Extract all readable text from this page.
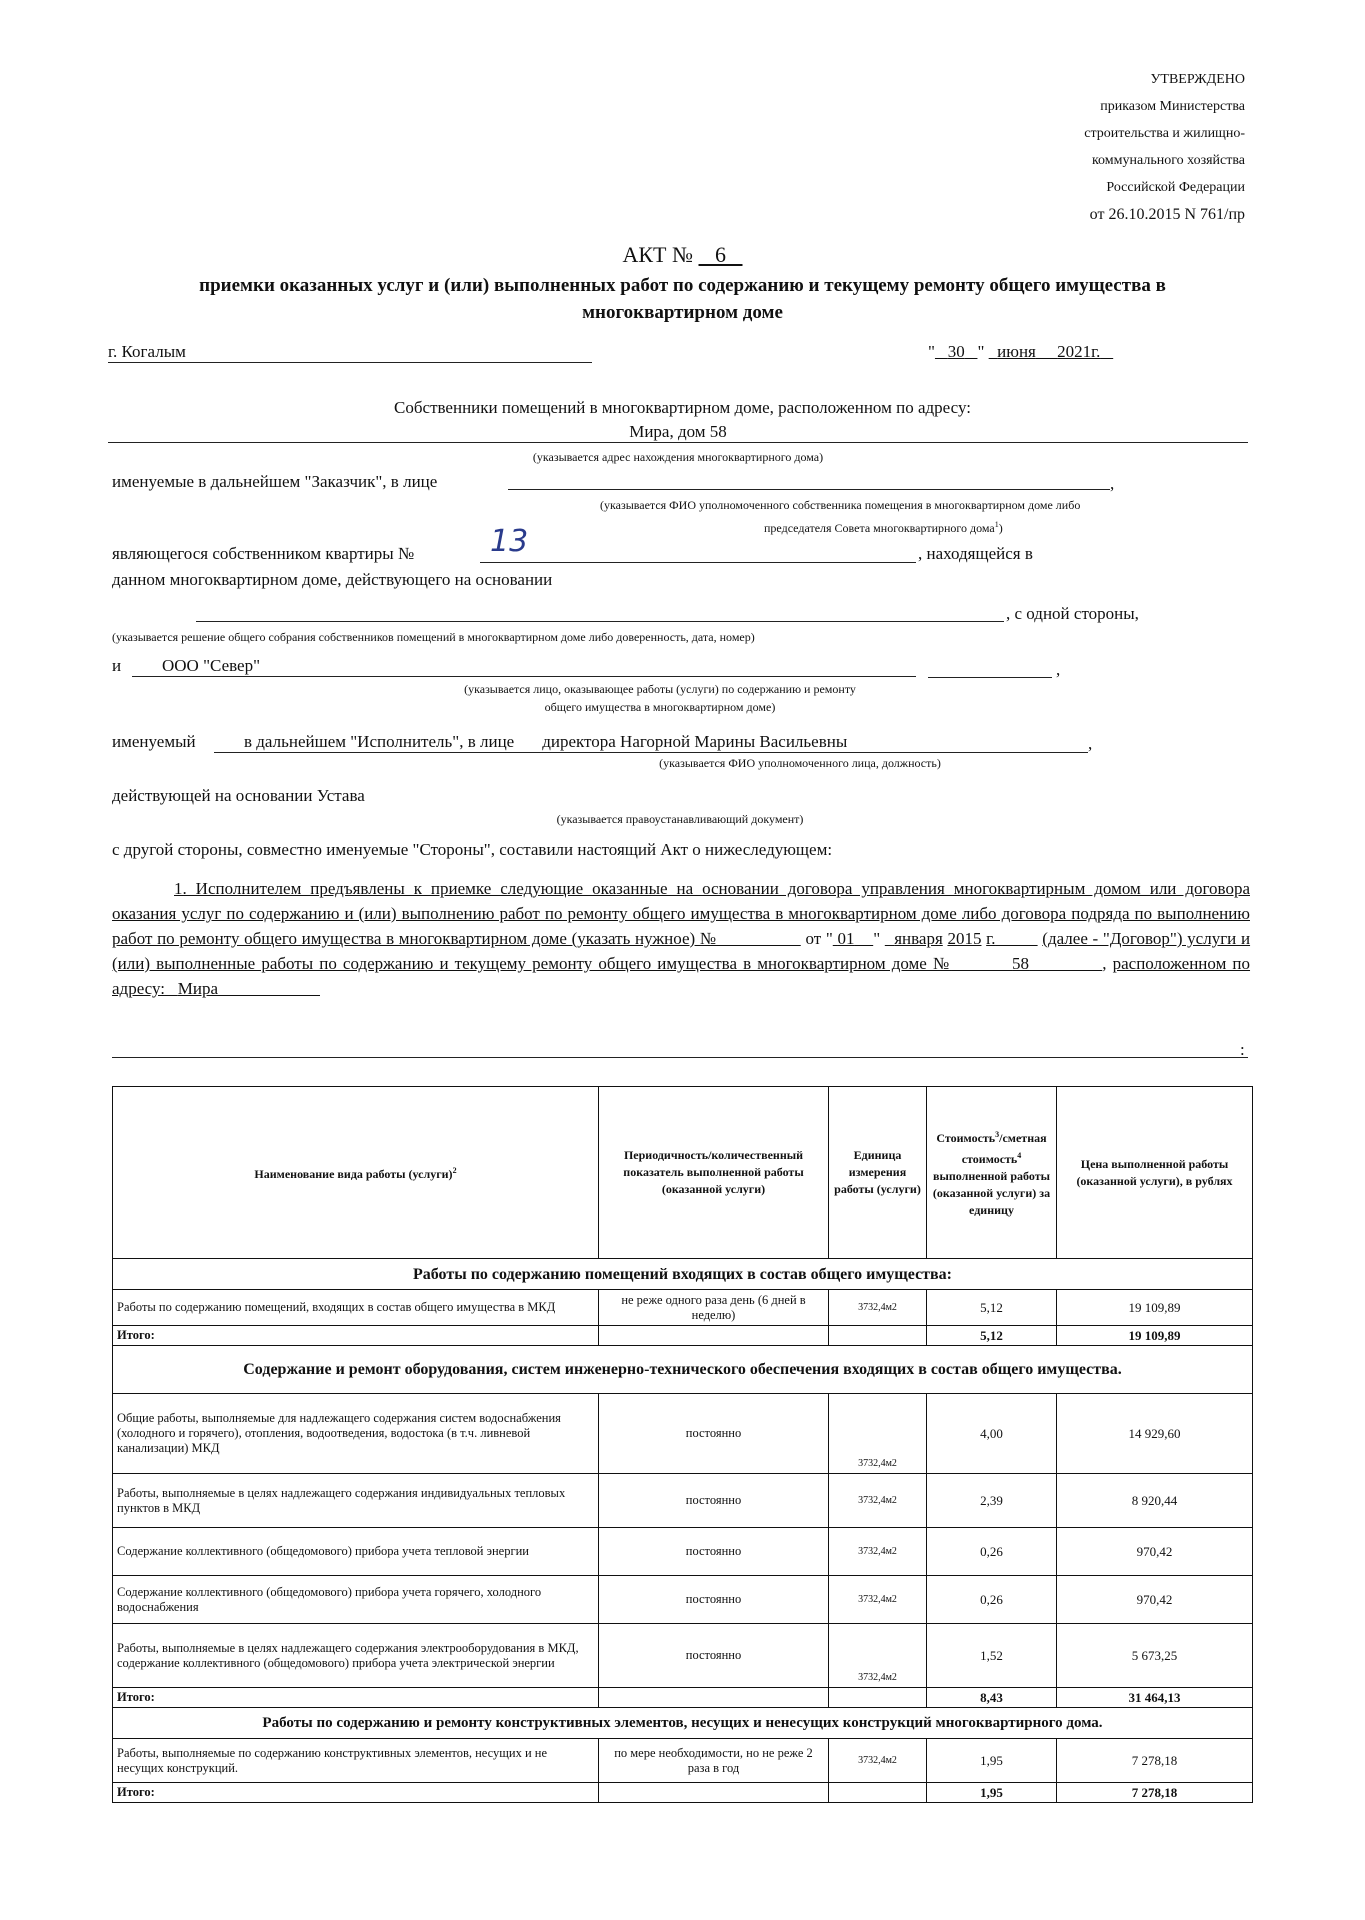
УТВЕРЖДЕНО
приказом Министерства
строительства и жилищно-
коммунального хозяйства
Российской Федерации
от 26.10.2015 N 761/пр
АКТ № 6
приемки оказанных услуг и (или) выполненных работ по содержанию и текущему ремонту общего имущества в многоквартирном доме
г. Когалым	" 30 "   июня 2021г.
Собственники помещений в многоквартирном доме, расположенном по адресу:
Мира, дом 58
(указывается адрес нахождения многоквартирного дома)
именуемые в дальнейшем "Заказчик", в лице	,
(указывается ФИО уполномоченного собственника помещения в многоквартирном доме либо
председателя Совета многоквартирного дома$^1$)
являющегося собственником квартиры №	13	, находящейся в
данном многоквартирном доме, действующего на основании
, с одной стороны,
(указывается решение общего собрания собственников помещений в многоквартирном доме либо доверенность, дата, номер)
и	ООО "Север"	,
(указывается лицо, оказывающее работы (услуги) по содержанию и ремонту
общего имущества в многоквартирном доме)
именуемый	в дальнейшем "Исполнитель", в лице директора Нагорной Марины Васильевны	,
(указывается ФИО уполномоченного лица, должность)
действующей на основании Устава
(указывается правоустанавливающий документ)
с другой стороны, совместно именуемые "Стороны", составили настоящий Акт о нижеследующем:
1. Исполнителем предъявлены к приемке следующие оказанные на основании договора управления многоквартирным домом или договора оказания услуг по содержанию и (или) выполнению работ по ремонту общего имущества в многоквартирном доме либо договора подряда по выполнению работ по ремонту общего имущества в многоквартирном доме (указать нужное) №	от " 01 "   января 2015 г.	(далее - "Договор") услуги и (или) выполненные работы по содержанию и текущему ремонту общего имущества в многоквартирном доме №	58	, расположенном по адресу: Мира
:
Наименование вида работы (услуги)$^2$	Периодичность/количественный показатель выполненной работы (оказанной услуги)	Единица измерения работы (услуги)	Стоимость$^3$/сметная стоимость$^4$ выполненной работы (оказанной услуги) за единицу	Цена выполненной работы (оказанной услуги), в рублях
Работы по содержанию помещений входящих в состав общего имущества:				
Работы по содержанию помещений, входящих в состав общего имущества в МКД	не реже одного раза день (6 дней в неделю)	3732,4м2	5,12	19 109,89
Итого:			5,12	19 109,89
Содержание и ремонт оборудования, систем инженерно-технического обеспечения входящих в состав общего имущества.				
Общие работы, выполняемые для надлежащего содержания систем водоснабжения (холодного и горячего), отопления, водоотведения, водостока (в т.ч. ливневой канализации) МКД	постоянно	3732,4м2	4,00	14 929,60
Работы, выполняемые в целях надлежащего содержания индивидуальных тепловых пунктов в МКД	постоянно	3732,4м2	2,39	8 920,44
Содержание коллективного (общедомового) прибора учета тепловой энергии	постоянно	3732,4м2	0,26	970,42
Содержание коллективного (общедомового) прибора учета горячего, холодного водоснабжения	постоянно	3732,4м2	0,26	970,42
Работы, выполняемые в целях надлежащего содержания электрооборудования в МКД, содержание коллективного (общедомового) прибора учета электрической энергии	постоянно	3732,4м2	1,52	5 673,25
Итого:			8,43	31 464,13
Работы по содержанию и ремонту конструктивных элементов, несущих и ненесущих конструкций многоквартирного дома.				
Работы, выполняемые по содержанию конструктивных элементов, несущих и не несущих конструкций.	по мере необходимости, но не реже 2 раза в год	3732,4м2	1,95	7 278,18
Итого:			1,95	7 278,18
